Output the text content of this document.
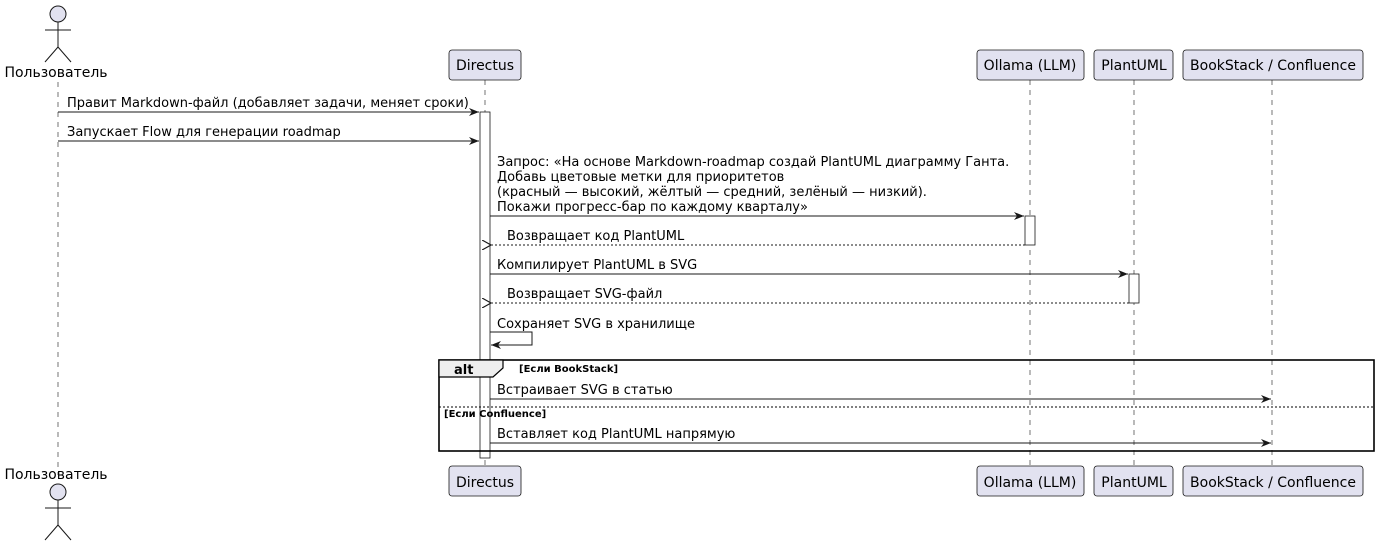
Пользователь
Пользователь
Directus	Ollama (LLM) PlantUML BookStack / Confluence
Directus	Ollama (LLM) PlantUML BookStack / Confluence
Правит Markdown-файл (добавляет задачи, меняет сроки)
Запускает Flow для генерации roadmap
Запрос: «На основе Markdown-roadmap создай PlantUML диаграмму Ганта.
Добавь цветовые метки для приоритетов
(красный — высокий, жёлтый — средний, зелёный — низкий).
Покажи прогресс-бар по каждому кварталу»
Возвращает код PlantUML
Компилирует PlantUML в SVG
Возвращает SVG-файл
Сохраняет SVG в хранилище
alt	[Если BookStack]
[Если Confluence]
Встраивает SVG в статью
Вставляет код PlantUML напрямую
